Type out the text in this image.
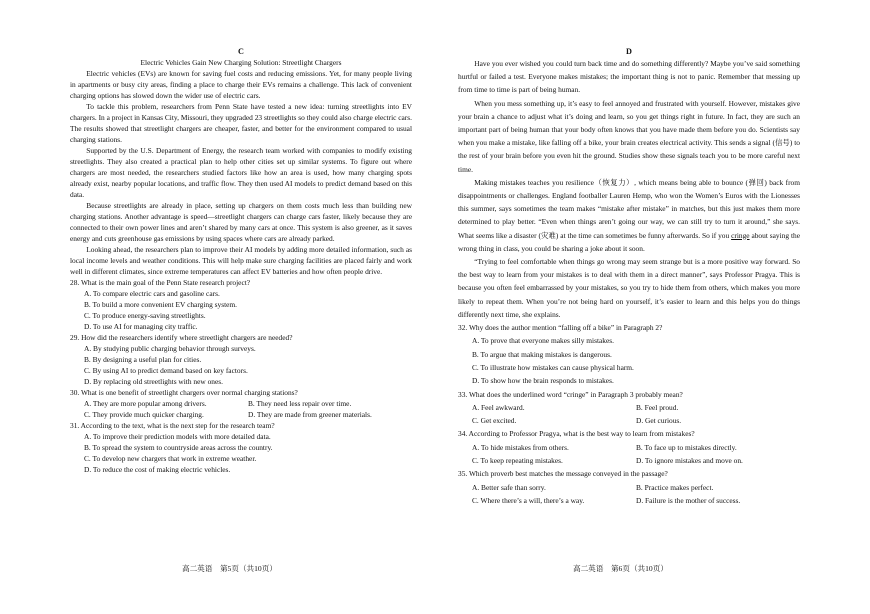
C

Electric Vehicles Gain New Charging Solution: Streetlight Chargers

Electric vehicles (EVs) are known for saving fuel costs and reducing emissions. Yet, for many people living in apartments or busy city areas, finding a place to charge their EVs remains a challenge. This lack of convenient charging options has slowed down the wider use of electric cars.

To tackle this problem, researchers from Penn State have tested a new idea: turning streetlights into EV chargers. In a project in Kansas City, Missouri, they upgraded 23 streetlights so they could also charge electric cars. The results showed that streetlight chargers are cheaper, faster, and better for the environment compared to usual charging stations.

Supported by the U.S. Department of Energy, the research team worked with companies to modify existing streetlights. They also created a practical plan to help other cities set up similar systems. To figure out where chargers are most needed, the researchers studied factors like how an area is used, how many charging spots already exist, nearby popular locations, and traffic flow. They then used AI models to predict demand based on this data.

Because streetlights are already in place, setting up chargers on them costs much less than building new charging stations. Another advantage is speed—streetlight chargers can charge cars faster, likely because they are connected to their own power lines and aren’t shared by many cars at once. This system is also greener, as it saves energy and cuts greenhouse gas emissions by using spaces where cars are already parked.

Looking ahead, the researchers plan to improve their AI models by adding more detailed information, such as local income levels and weather conditions. This will help make sure charging facilities are placed fairly and work well in different climates, since extreme temperatures can affect EV batteries and how often people drive.

28. What is the main goal of the Penn State research project?

A. To compare electric cars and gasoline cars.

B. To build a more convenient EV charging system.

C. To produce energy-saving streetlights.

D. To use AI for managing city traffic.

29. How did the researchers identify where streetlight chargers are needed?

A. By studying public charging behavior through surveys.

B. By designing a useful plan for cities.

C. By using AI to predict demand based on key factors.

D. By replacing old streetlights with new ones.

30. What is one benefit of streetlight chargers over normal charging stations?

A. They are more popular among drivers.	B. They need less repair over time.
C. They provide much quicker charging.	D. They are made from greener materials.

31. According to the text, what is the next step for the research team?

A. To improve their prediction models with more detailed data.

B. To spread the system to countryside areas across the country.

C. To develop new chargers that work in extreme weather.

D. To reduce the cost of making electric vehicles.

D

Have you ever wished you could turn back time and do something differently? Maybe you’ve said something hurtful or failed a test. Everyone makes mistakes; the important thing is not to panic. Remember that messing up from time to time is part of being human.

When you mess something up, it’s easy to feel annoyed and frustrated with yourself. However, mistakes give your brain a chance to adjust what it’s doing and learn, so you get things right in future. In fact, they are such an important part of being human that your body often knows that you have made them before you do. Scientists say when you make a mistake, like falling off a bike, your brain creates electrical activity. This sends a signal (信号) to the rest of your brain before you even hit the ground. Studies show these signals teach you to be more careful next time.

Making mistakes teaches you resilience（恢复力）, which means being able to bounce (弹回) back from disappointments or challenges. England footballer Lauren Hemp, who won the Women’s Euros with the Lionesses this summer, says sometimes the team makes “mistake after mistake” in matches, but this just makes them more determined to play better. “Even when things aren’t going our way, we can still try to turn it around,” she says. What seems like a disaster (灾难) at the time can sometimes be funny afterwards. So if you cringe about saying the wrong thing in class, you could be sharing a joke about it soon.

“Trying to feel comfortable when things go wrong may seem strange but is a more positive way forward. So the best way to learn from your mistakes is to deal with them in a direct manner”, says Professor Pragya. This is because you often feel embarrassed by your mistakes, so you try to hide them from others, which makes you more likely to repeat them. When you’re not being hard on yourself, it’s easier to learn and this helps you do things differently next time, she explains.

32. Why does the author mention “falling off a bike” in Paragraph 2?

A. To prove that everyone makes silly mistakes.

B. To argue that making mistakes is dangerous.

C. To illustrate how mistakes can cause physical harm.

D. To show how the brain responds to mistakes.

33. What does the underlined word “cringe” in Paragraph 3 probably mean?

A. Feel awkward.	B. Feel proud.
C. Get excited.	D. Get curious.

34. According to Professor Pragya, what is the best way to learn from mistakes?

A. To hide mistakes from others.	B. To face up to mistakes directly.
C. To keep repeating mistakes.	D. To ignore mistakes and move on.

35. Which proverb best matches the message conveyed in the passage?

A. Better safe than sorry.	B. Practice makes perfect.
C. Where there’s a will, there’s a way.	D. Failure is the mother of success.
高二英语　第5页（共10页）	高二英语　第6页（共10页）
